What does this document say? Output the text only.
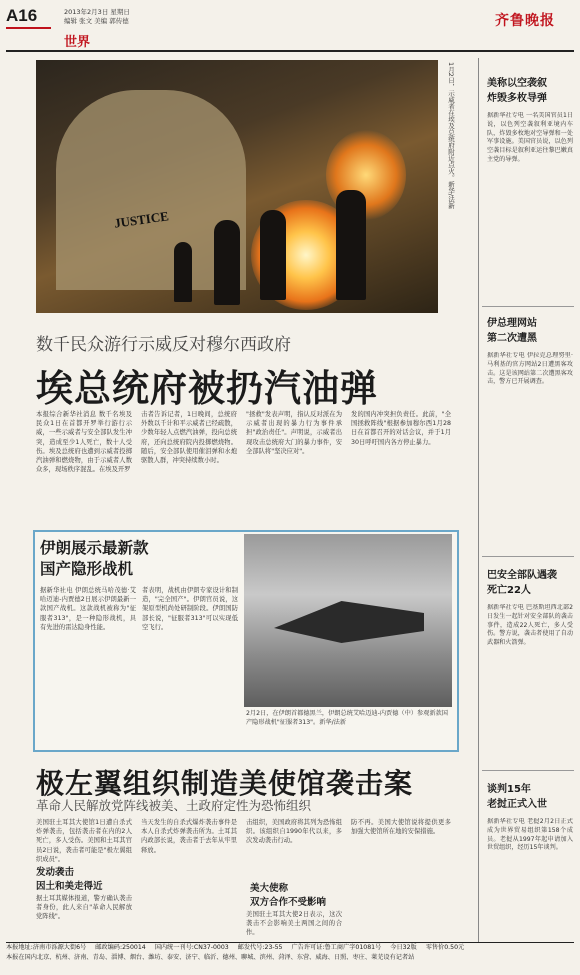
A16	2013年2月3日 星期日
编辑 张文 美编 郭传德
世界
齐鲁晚报
JUSTICE
1月2日，示威者在埃及总统府附近点火。新华/法新
数千民众游行示威反对穆尔西政府
埃总统府被扔汽油弹
本报综合新华社消息 数千名埃及民众1日在首都开罗举行游行示威，一些示威者与安全部队发生冲突，造成至少1人死亡，数十人受伤。埃及总统府也遭到示威者投掷汽油弹和燃烧物，由于示威者人数众多，现场秩序混乱。在埃及开罗
击者告诉记者，1日晚间，总统府外数以千计和平示威者已经疏散，少数年轻人点燃汽油弹，投向总统府，还向总统府院内投掷燃烧物。随后，安全部队使用催泪弹和水炮驱散人群，冲突持续数小时。
"拯救"发表声明，指认反对派在为示威者出现的暴力行为事件承担"政治责任"。声明说，示威者出现攻击总统府大门的暴力事件，安全部队将"坚决应对"。
发的国内冲突担负责任。此前，"全国拯救阵线"根据参加穆尔西1月28日在首都召开的对话会议，并于1月30日呼吁国内各方停止暴力。
伊朗展示最新款
国产隐形战机
据新华社电 伊朗总统马哈茂德·艾哈迈迪-内贾德2日展示伊朗最新一款国产战机。这款战机被称为"征服者313"，是一种隐形战机，具有先进的雷达隐身性能。
者表明，战机由伊朗专家设计和制造，"完全国产"。伊朗官员说，这架原型机尚处研制阶段。伊朗国防部长说，"征服者313"可以实现低空飞行。
2月2日，在伊朗首都德黑兰，伊朗总统艾哈迈迪-内贾德（中）参观新款国产隐形战机"征服者313"。新华/法新
极左翼组织制造美使馆袭击案
革命人民解放党阵线被美、土政府定性为恐怖组织
美国驻土耳其大使馆1日遭自杀式炸弹袭击，包括袭击者在内的2人死亡，多人受伤。美国和土耳其官员2日说，袭击者可能是"极左翼组织成员"。
发动袭击
因土和美走得近
据土耳其媒体报道，警方确认袭击者身份，此人来自"革命人民解放党阵线"。
当天发生的自杀式爆炸袭击事件是本人自杀式炸弹袭击所为。土耳其内政部长说，袭击者于去年从牢里释放。
击组织，美国政府将其列为恐怖组织。该组织自1990年代以来，多次发动袭击行动。
美大使称
双方合作不受影响
美国驻土耳其大使2日表示，这次袭击不会影响美土两国之间的合作。
防不再。美国大使馆说将提供更多加强大使馆所在地的安保措施。
美称以空袭叙
炸毁多枚导弹
据新华社专电 一名美国官员1日说，以色列空袭叙利亚境内车队，炸毁多枚地对空导弹和一处军事设施。美国官员说，以色列空袭目标是叙利亚运往黎巴嫩真主党的导弹。
伊总理网站
第二次遭黑
据新华社专电 伊拉克总理努里·马利基的官方网站2日遭黑客攻击。这是该网站第二次遭黑客攻击，警方已开展调查。
巴安全部队遇袭
死亡22人
据新华社专电 巴基斯坦西北部2日发生一起针对安全部队的袭击事件，造成22人死亡，多人受伤。警方说，袭击者使用了自动武器和火箭弹。
谈判15年
老挝正式入世
据新华社专电 老挝2月2日正式成为世界贸易组织第158个成员。老挝从1997年起申请加入世贸组织，经历15年谈判。
本报地址:济南市泺源大街6号 邮政编码:250014 国内统一刊号:CN37-0003 邮发代号:23-55 广告许可证:鲁工商广字01081号 今日32版 零售价0.50元
本报在国内北京、杭州、济南、青岛、淄博、烟台、潍坊、泰安、济宁、临沂、德州、聊城、滨州、菏泽、东营、威海、日照、枣庄、莱芜设有记者站
